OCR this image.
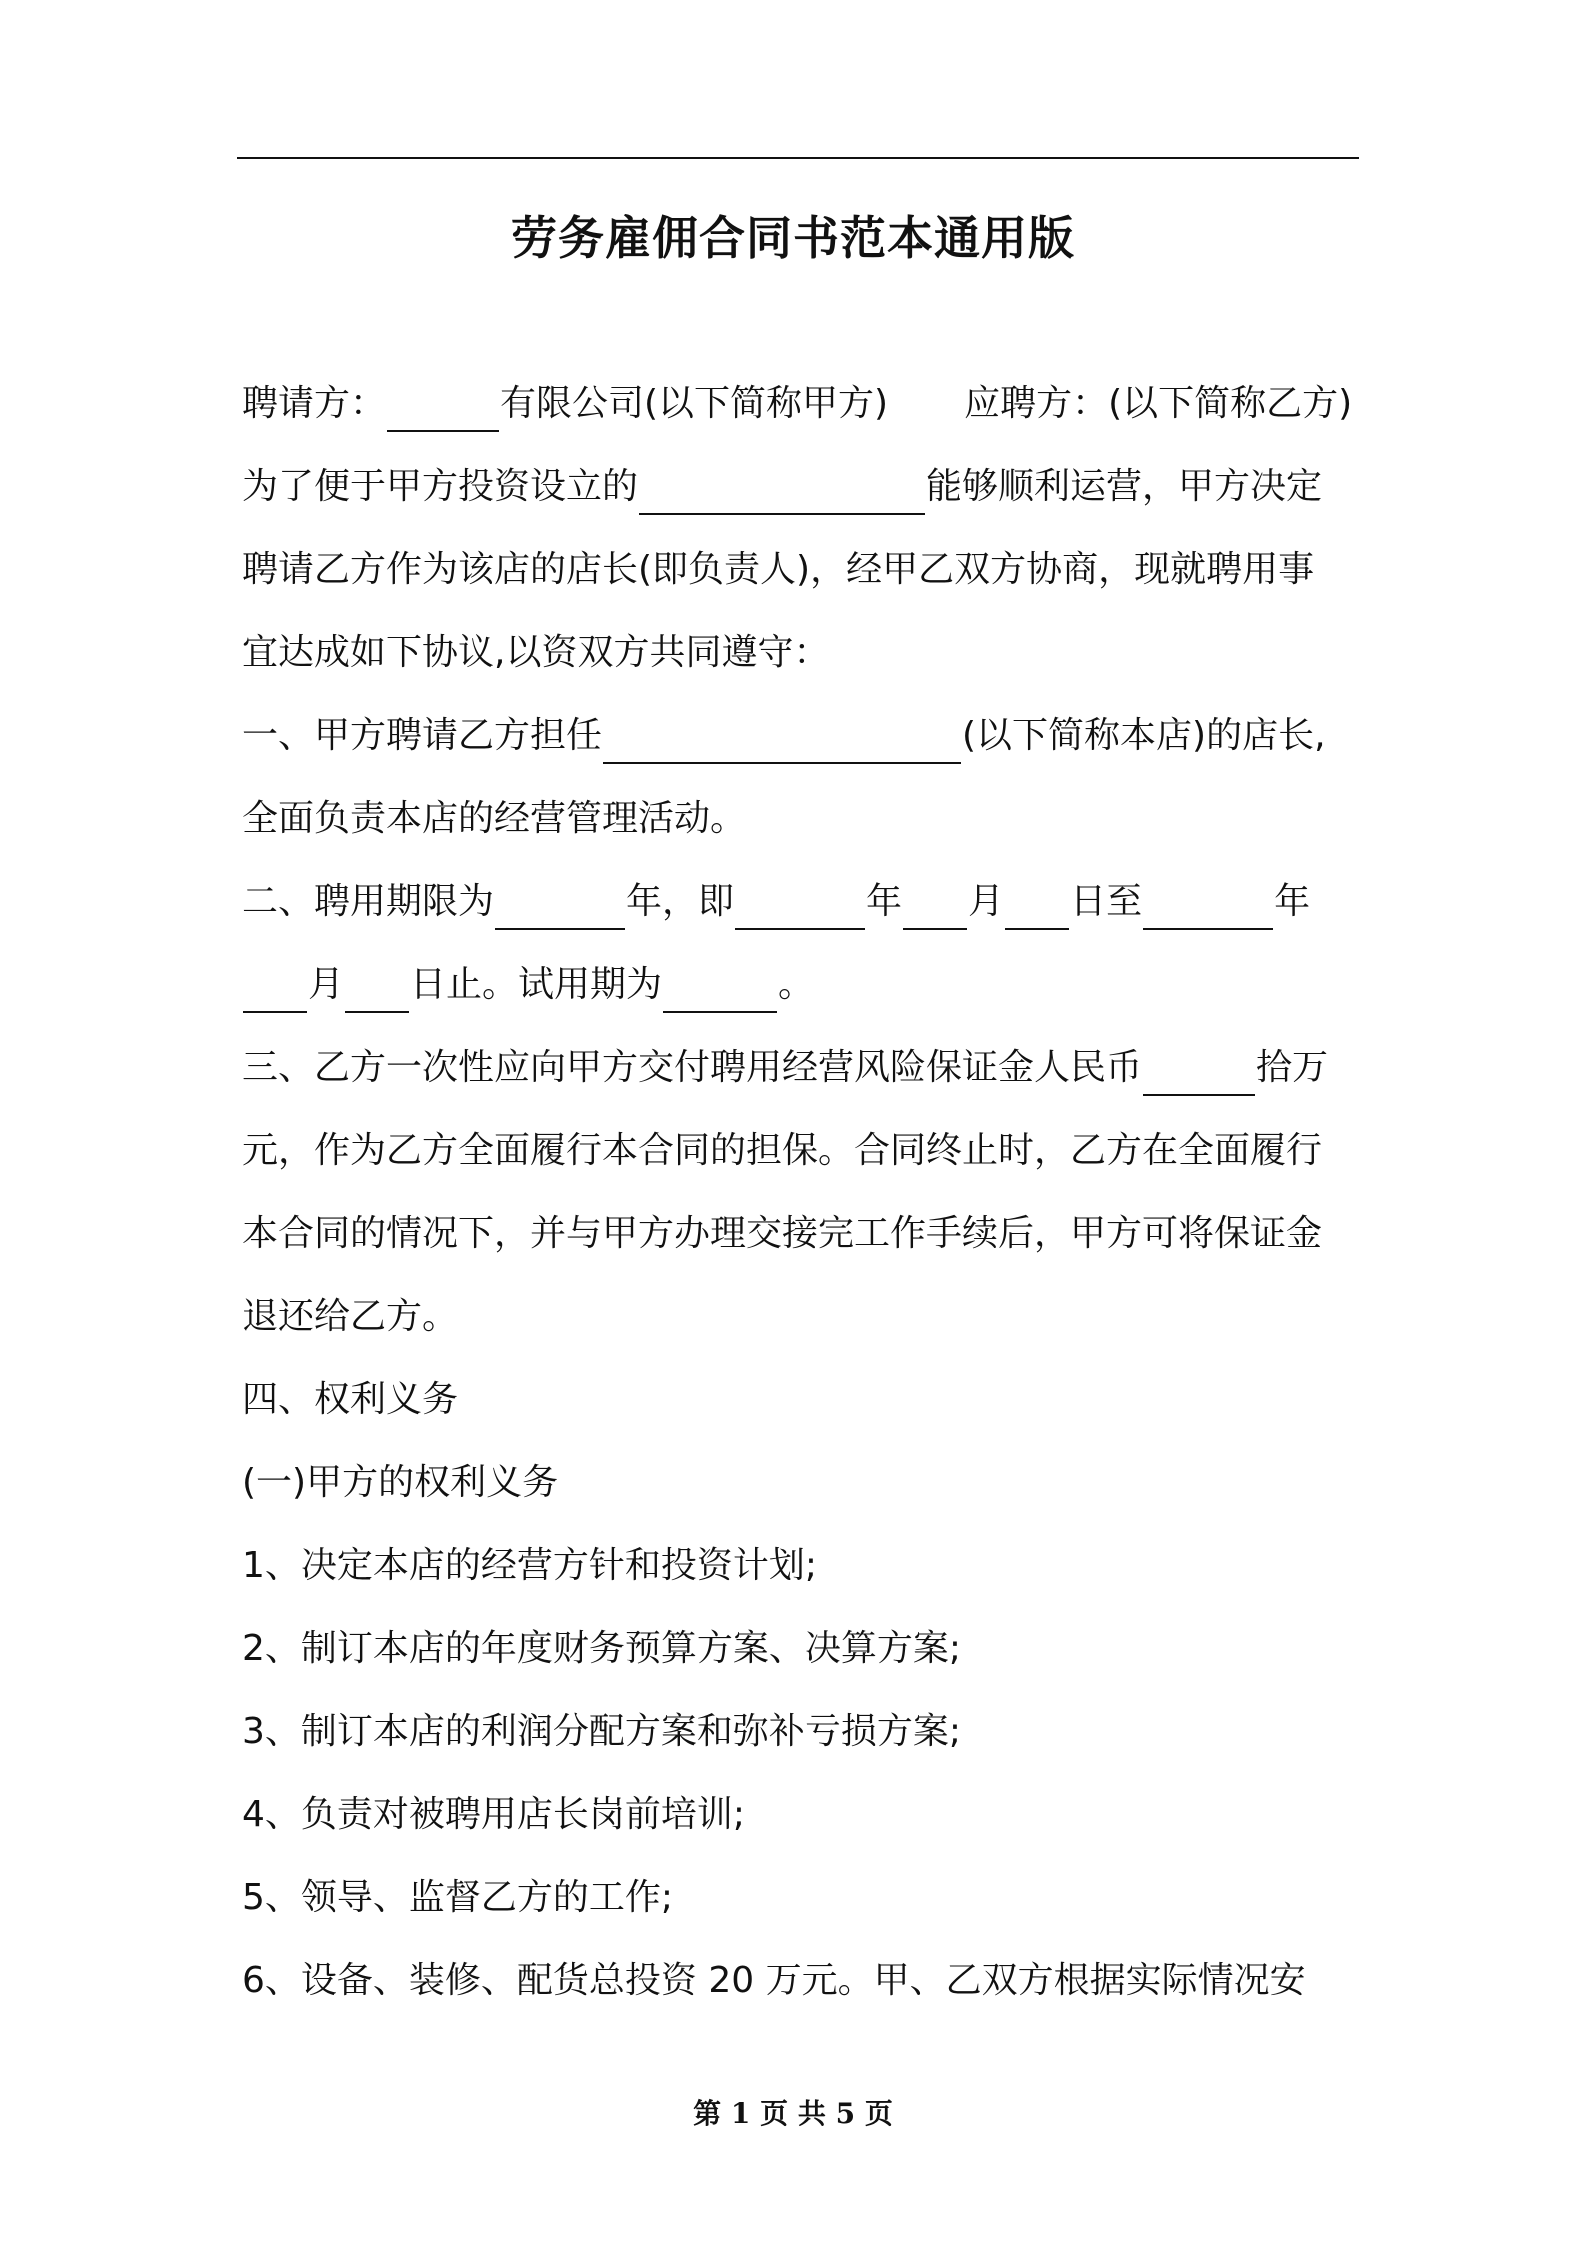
劳务雇佣合同书范本通用版
聘请方：	有限公司(以下简称甲方) 应聘方：(以下简称乙方)
为了便于甲方投资设立的	能够顺利运营，甲方决定
聘请乙方作为该店的店长(即负责人)，经甲乙双方协商，现就聘用事
宜达成如下协议,以资双方共同遵守：
一、甲方聘请乙方担任	(以下简称本店)的店长,
全面负责本店的经营管理活动。
二、聘用期限为	年，即	年 月 日至	年
月 日止。试用期为	。
三、乙方一次性应向甲方交付聘用经营风险保证金人民币	拾万
元，作为乙方全面履行本合同的担保。合同终止时，乙方在全面履行
本合同的情况下，并与甲方办理交接完工作手续后，甲方可将保证金
退还给乙方。
四、权利义务
(一)甲方的权利义务
1、决定本店的经营方针和投资计划;
2、制订本店的年度财务预算方案、决算方案;
3、制订本店的利润分配方案和弥补亏损方案;
4、负责对被聘用店长岗前培训;
5、领导、监督乙方的工作;
6、设备、装修、配货总投资 20 万元。甲、乙双方根据实际情况安
第 1 页 共 5 页
